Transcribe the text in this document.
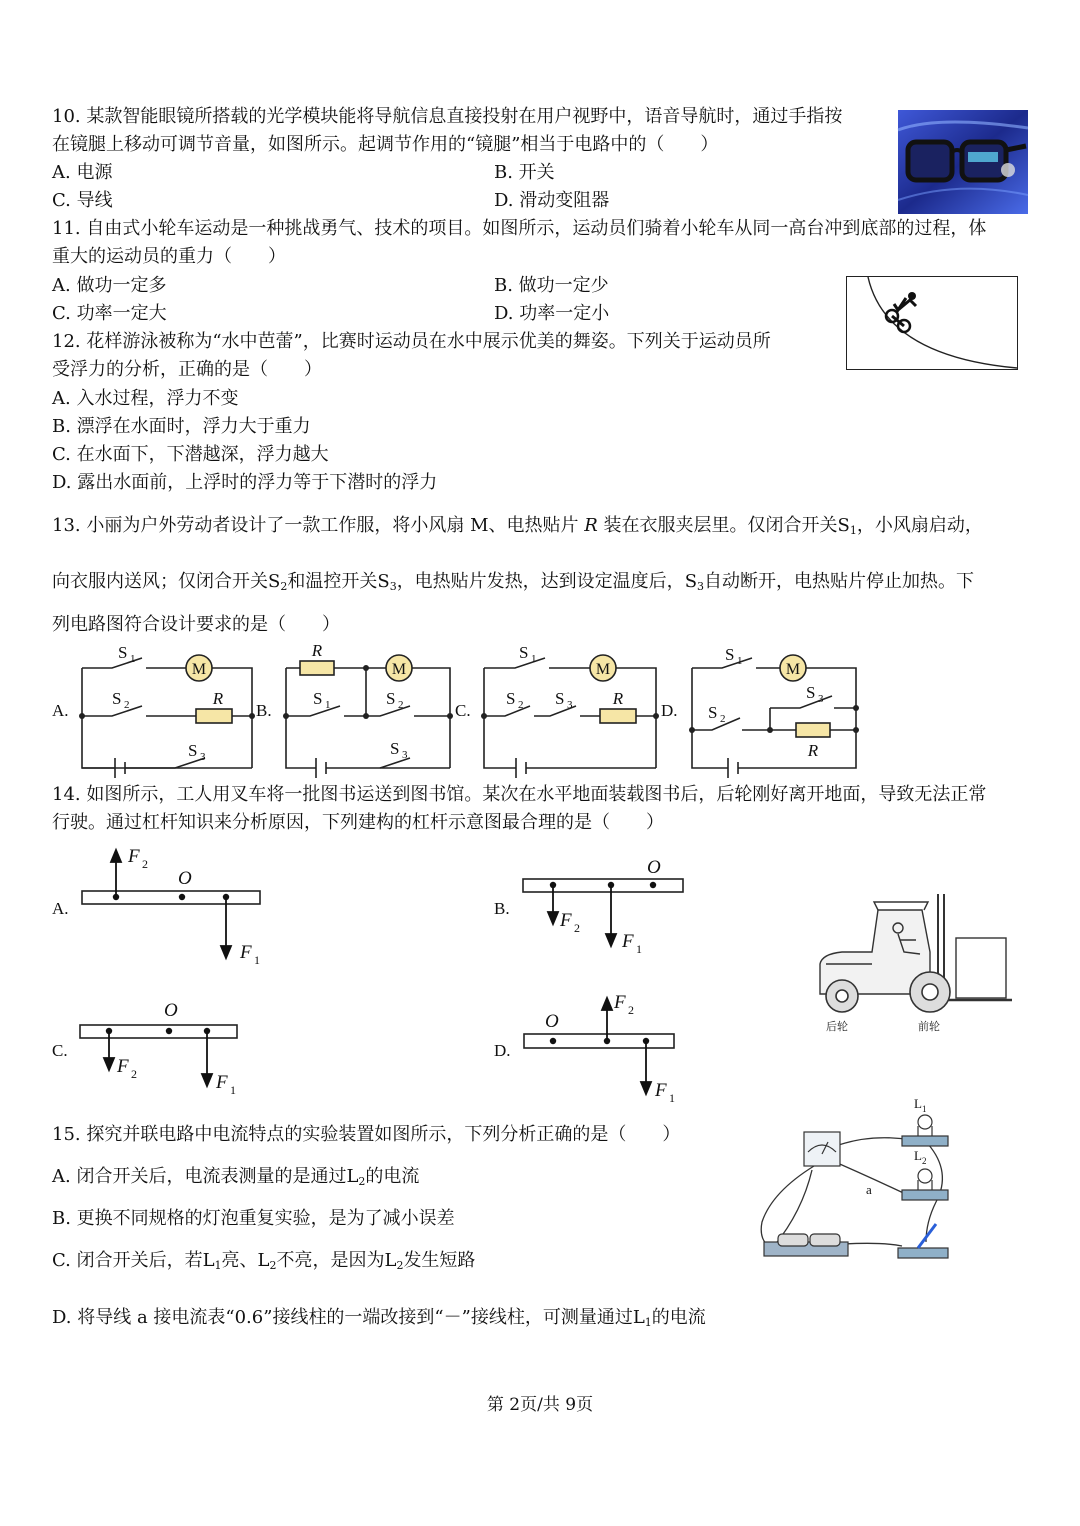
10. 某款智能眼镜所搭载的光学模块能将导航信息直接投射在用户视野中，语音导航时，通过手指按
在镜腿上移动可调节音量，如图所示。起调节作用的“镜腿”相当于电路中的（　　）
A. 电源	B. 开关
C. 导线	D. 滑动变阻器
11. 自由式小轮车运动是一种挑战勇气、技术的项目。如图所示，运动员们骑着小轮车从同一高台冲到底部的过程，体
重大的运动员的重力（　　）
A. 做功一定多	B. 做功一定少
C. 功率一定大	D. 功率一定小
12. 花样游泳被称为“水中芭蕾”，比赛时运动员在水中展示优美的舞姿。下列关于运动员所
受浮力的分析，正确的是（　　）
A. 入水过程，浮力不变
B. 漂浮在水面时，浮力大于重力
C. 在水面下，下潜越深，浮力越大
D. 露出水面前，上浮时的浮力等于下潜时的浮力
13. 小丽为户外劳动者设计了一款工作服，将小风扇 M、电热贴片 R 装在衣服夹层里。仅闭合开关$S_1$，小风扇启动，
向衣服内送风；仅闭合开关$S_2$和温控开关$S_3$，电热贴片发热，达到设定温度后，$S_3$自动断开，电热贴片停止加热。下
列电路图符合设计要求的是（　　）
M	M	M	M
R
R
R
R
S 1
S 2
S 3
S 1	S 2
S 3
S 1
S 2 S 3
S 1
S 3
S 2
A.	B.	C.	D.
14. 如图所示，工人用叉车将一批图书运送到图书馆。某次在水平地面装载图书后，后轮刚好离开地面，导致无法正常
行驶。通过杠杆知识来分析原因，下列建构的杠杆示意图最合理的是（　　）
F 2
O
F 1
O
F 2
F 1
O
F 2	F 1
O
F 2
F 1
A.	B.
C.	D.
后轮	前轮
15. 探究并联电路中电流特点的实验装置如图所示，下列分析正确的是（　　）
A. 闭合开关后，电流表测量的是通过$L_2$的电流
B. 更换不同规格的灯泡重复实验，是为了减小误差
C. 闭合开关后，若$L_1$亮、$L_2$不亮，是因为$L_2$发生短路
D. 将导线 a 接电流表“0.6”接线柱的一端改接到“－”接线柱，可测量通过$L_1$的电流
L 1
L 2
a
第 2页/共 9页
